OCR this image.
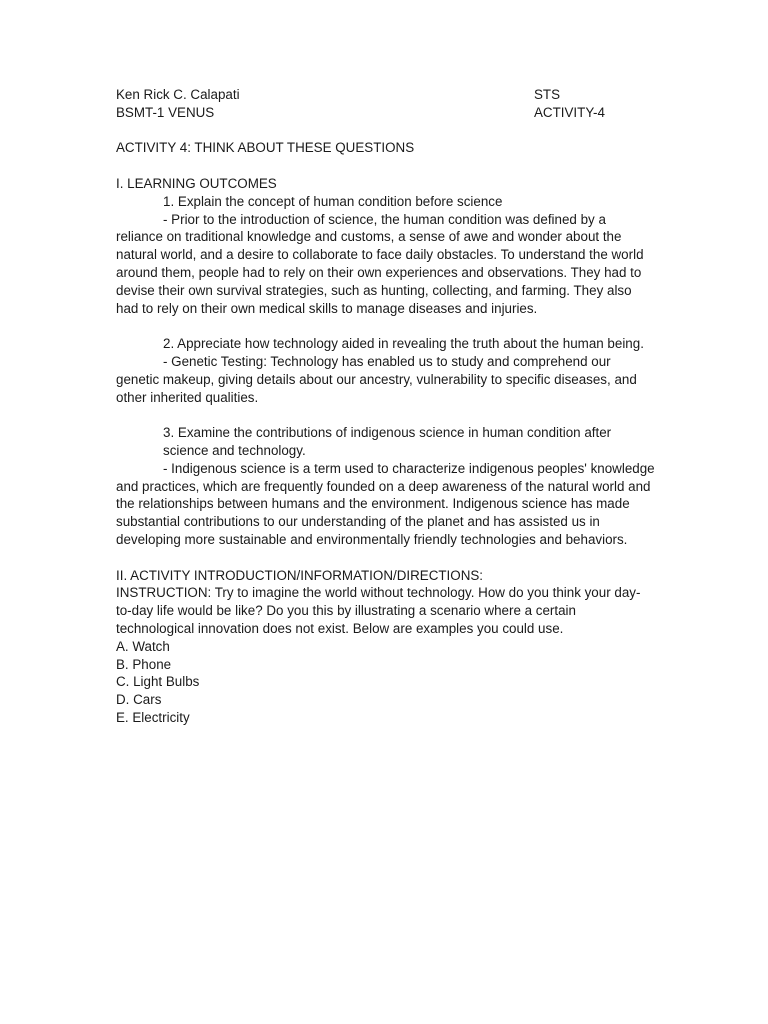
Ken Rick C. Calapati	STS
BSMT-1 VENUS	ACTIVITY-4
ACTIVITY 4: THINK ABOUT THESE QUESTIONS
I. LEARNING OUTCOMES

1. Explain the concept of human condition before science

- Prior to the introduction of science, the human condition was defined by a reliance on traditional knowledge and customs, a sense of awe and wonder about the natural world, and a desire to collaborate to face daily obstacles. To understand the world around them, people had to rely on their own experiences and observations. They had to devise their own survival strategies, such as hunting, collecting, and farming. They also had to rely on their own medical skills to manage diseases and injuries.

2. Appreciate how technology aided in revealing the truth about the human being.

- Genetic Testing: Technology has enabled us to study and comprehend our genetic makeup, giving details about our ancestry, vulnerability to specific diseases, and other inherited qualities.

3. Examine the contributions of indigenous science in human condition after science and technology.

- Indigenous science is a term used to characterize indigenous peoples' knowledge and practices, which are frequently founded on a deep awareness of the natural world and the relationships between humans and the environment. Indigenous science has made substantial contributions to our understanding of the planet and has assisted us in developing more sustainable and environmentally friendly technologies and behaviors.

II. ACTIVITY INTRODUCTION/INFORMATION/DIRECTIONS:

INSTRUCTION: Try to imagine the world without technology. How do you think your day-to-day life would be like? Do you this by illustrating a scenario where a certain technological innovation does not exist. Below are examples you could use.

A. Watch
B. Phone
C. Light Bulbs
D. Cars
E. Electricity
